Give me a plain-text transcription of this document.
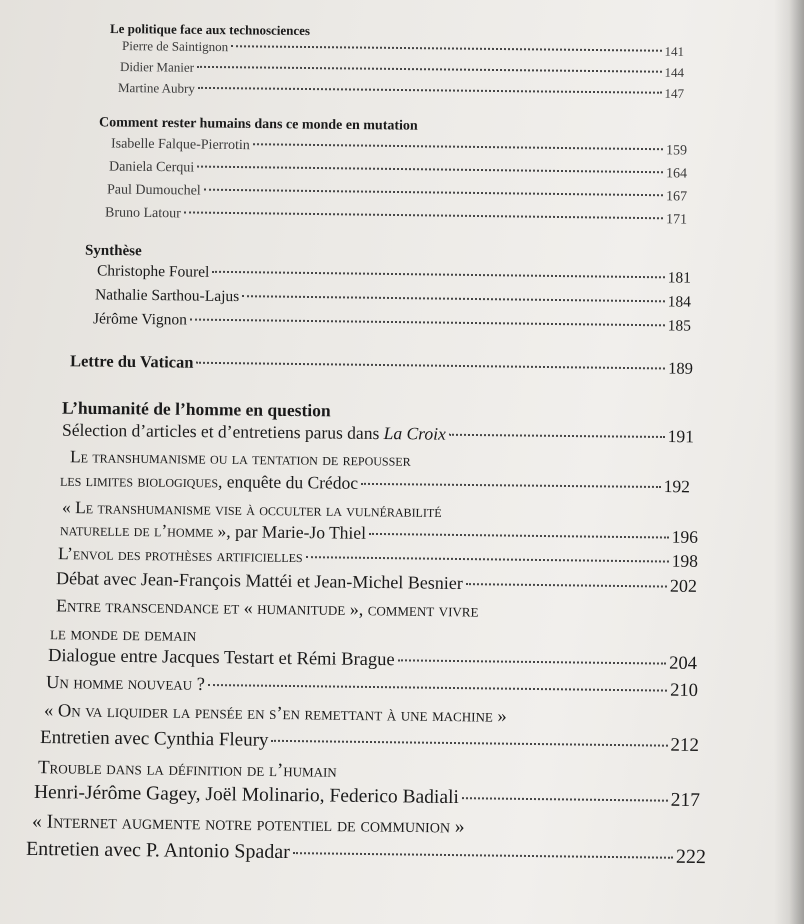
Le politique face aux technosciences
Pierre de Saintignon	141
Didier Manier	144
Martine Aubry	147
Comment rester humains dans ce monde en mutation
Isabelle Falque-Pierrotin	159
Daniela Cerqui	164
Paul Dumouchel	167
Bruno Latour	171
Synthèse
Christophe Fourel	181
Nathalie Sarthou-Lajus	184
Jérôme Vignon	185
Lettre du Vatican	189
L’humanité de l’homme en question
Sélection d’articles et d’entretiens parus dans La Croix	191
Le transhumanisme ou la tentation de repousser
les limites biologiques, enquête du Crédoc	192
« Le transhumanisme vise à occulter la vulnérabilité
naturelle de l’homme », par Marie-Jo Thiel	196
L’envol des prothèses artificielles	198
Débat avec Jean-François Mattéi et Jean-Michel Besnier	202
Entre transcendance et « humanitude », comment vivre
le monde de demain
Dialogue entre Jacques Testart et Rémi Brague	204
Un homme nouveau ?	210
« On va liquider la pensée en s’en remettant à une machine »
Entretien avec Cynthia Fleury	212
Trouble dans la définition de l’humain
Henri-Jérôme Gagey, Joël Molinario, Federico Badiali	217
« Internet augmente notre potentiel de communion »
Entretien avec P. Antonio Spadar	222
